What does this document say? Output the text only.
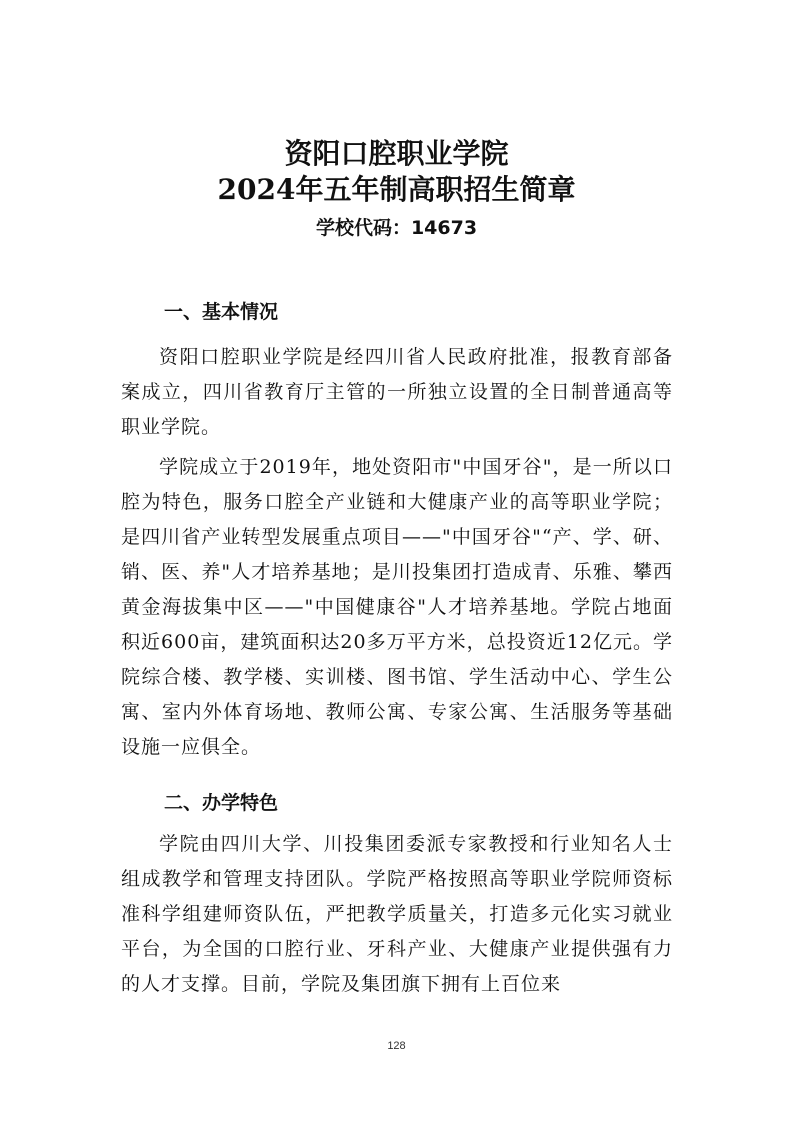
资阳口腔职业学院
2024年五年制高职招生简章
学校代码：14673
一、基本情况

资阳口腔职业学院是经四川省人民政府批准，报教育部备案成立，四川省教育厅主管的一所独立设置的全日制普通高等职业学院。

学院成立于2019年，地处资阳市"中国牙谷"，是一所以口腔为特色，服务口腔全产业链和大健康产业的高等职业学院；是四川省产业转型发展重点项目——"中国牙谷"“产、学、研、销、医、养"人才培养基地；是川投集团打造成青、乐雅、攀西黄金海拔集中区——"中国健康谷"人才培养基地。学院占地面积近600亩，建筑面积达20多万平方米，总投资近12亿元。学院综合楼、教学楼、实训楼、图书馆、学生活动中心、学生公寓、室内外体育场地、教师公寓、专家公寓、生活服务等基础设施一应俱全。

二、办学特色

学院由四川大学、川投集团委派专家教授和行业知名人士组成教学和管理支持团队。学院严格按照高等职业学院师资标准科学组建师资队伍，严把教学质量关，打造多元化实习就业平台，为全国的口腔行业、牙科产业、大健康产业提供强有力的人才支撑。目前，学院及集团旗下拥有上百位来

128
